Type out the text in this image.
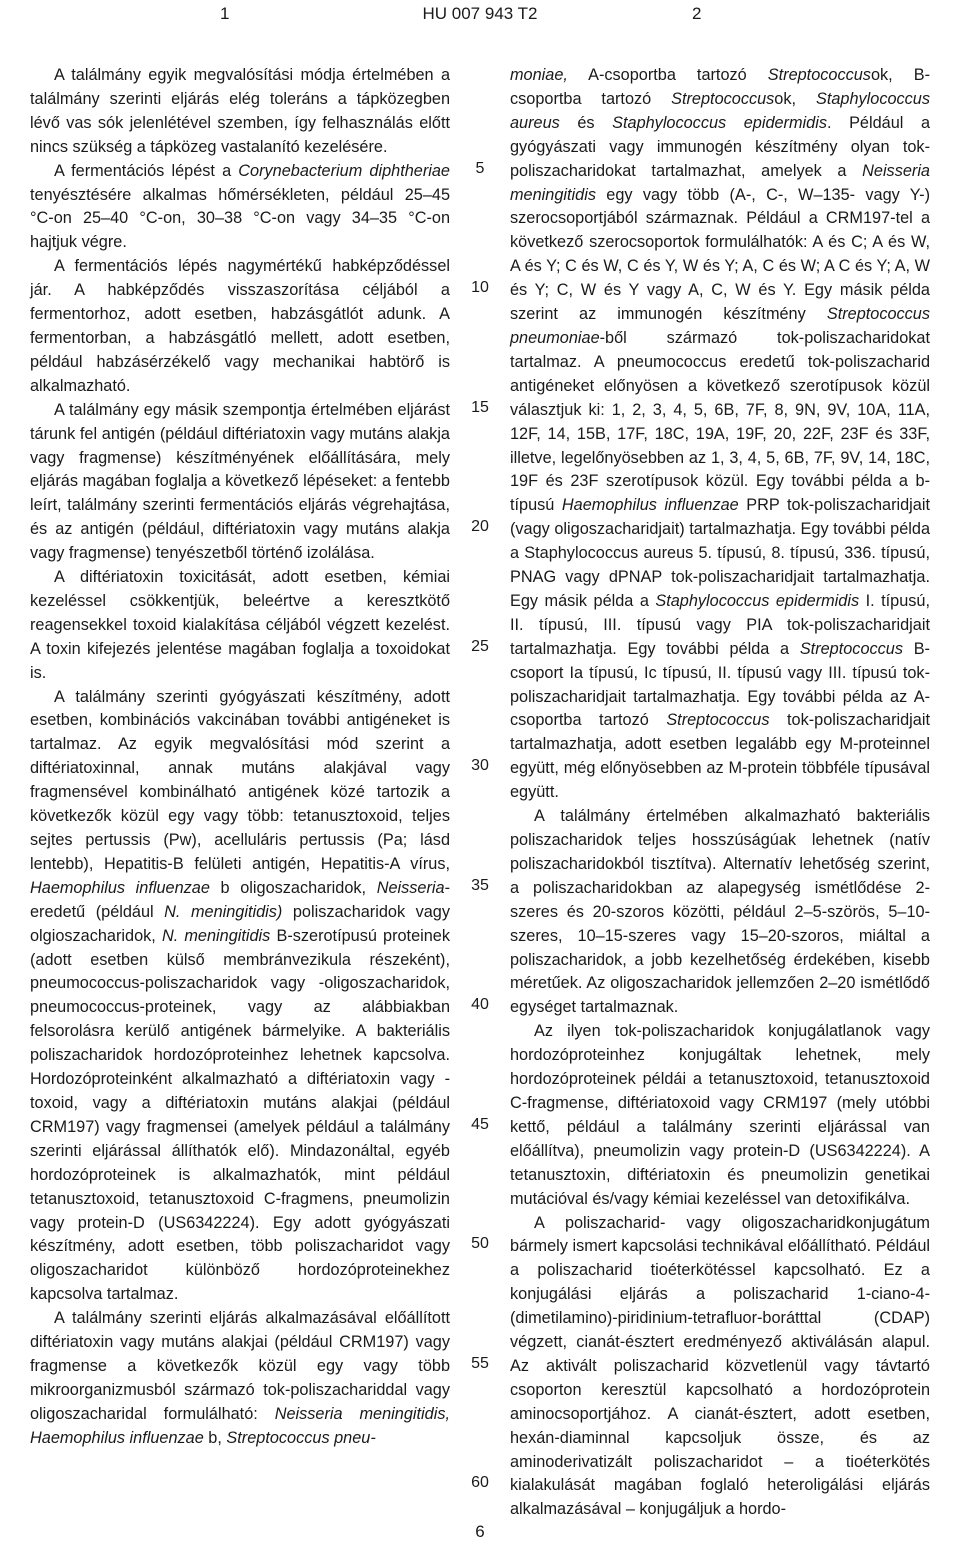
1	HU 007 943 T2	2

A találmány egyik megvalósítási módja értelmében a találmány szerinti eljárás elég toleráns a tápközegben lévő vas sók jelenlétével szemben, így felhasználás előtt nincs szükség a tápközeg vastalanító kezelésére.

A fermentációs lépést a Corynebacterium diphtheriae tenyésztésére alkalmas hőmérsékleten, például 25–45 °C-on 25–40 °C-on, 30–38 °C-on vagy 34–35 °C-on hajtjuk végre.

A fermentációs lépés nagymértékű habképződéssel jár. A habképződés visszaszorítása céljából a fermentorhoz, adott esetben, habzásgátlót adunk. A fermentorban, a habzásgátló mellett, adott esetben, például habzásérzékelő vagy mechanikai habtörő is alkalmazható.

A találmány egy másik szempontja értelmében eljárást tárunk fel antigén (például diftériatoxin vagy mutáns alakja vagy fragmense) készítményének előállítására, mely eljárás magában foglalja a következő lépéseket: a fentebb leírt, találmány szerinti fermentációs eljárás végrehajtása, és az antigén (például, diftériatoxin vagy mutáns alakja vagy fragmense) tenyészetből történő izolálása.

A diftériatoxin toxicitását, adott esetben, kémiai kezeléssel csökkentjük, beleértve a keresztkötő reagensekkel toxoid kialakítása céljából végzett kezelést. A toxin kifejezés jelentése magában foglalja a toxoidokat is.

A találmány szerinti gyógyászati készítmény, adott esetben, kombinációs vakcinában további antigéneket is tartalmaz. Az egyik megvalósítási mód szerint a diftériatoxinnal, annak mutáns alakjával vagy fragmensével kombinálható antigének közé tartozik a következők közül egy vagy több: tetanusztoxoid, teljes sejtes pertussis (Pw), acelluláris pertussis (Pa; lásd lentebb), Hepatitis-B felületi antigén, Hepatitis-A vírus, Haemophilus influenzae b oligoszacharidok, Neisseria-eredetű (például N. meningitidis) poliszacharidok vagy olgioszacharidok, N. meningitidis B-szerotípusú proteinek (adott esetben külső membránvezikula részeként), pneumococcus-poliszacharidok vagy -oligoszacharidok, pneumococcus-proteinek, vagy az alábbiakban felsorolásra kerülő antigének bármelyike. A bakteriális poliszacharidok hordozóproteinhez lehetnek kapcsolva. Hordozóproteinként alkalmazható a diftériatoxin vagy -toxoid, vagy a diftériatoxin mutáns alakjai (például CRM197) vagy fragmensei (amelyek például a találmány szerinti eljárással állíthatók elő). Mindazonáltal, egyéb hordozóproteinek is alkalmazhatók, mint például tetanusztoxoid, tetanusztoxoid C-fragmens, pneumolizin vagy protein-D (US6342224). Egy adott gyógyászati készítmény, adott esetben, több poliszacharidot vagy oligoszacharidot különböző hordozóproteinekhez kapcsolva tartalmaz.

A találmány szerinti eljárás alkalmazásával előállított diftériatoxin vagy mutáns alakjai (például CRM197) vagy fragmense a következők közül egy vagy több mikroorganizmusból származó tok-poliszachariddal vagy oligoszacharidal formulálható: Neisseria meningitidis, Haemophilus influenzae b, Streptococcus pneu-

5
10
15
20
25
30
35
40
45
50
55
60

moniae, A-csoportba tartozó Streptococcusok, B-csoportba tartozó Streptococcusok, Staphylococcus aureus és Staphylococcus epidermidis. Például a gyógyászati vagy immunogén készítmény olyan tok-poliszacharidokat tartalmazhat, amelyek a Neisseria meningitidis egy vagy több (A-, C-, W–135- vagy Y-) szerocsoportjából származnak. Például a CRM197-tel a következő szerocsoportok formulálhatók: A és C; A és W, A és Y; C és W, C és Y, W és Y; A, C és W; A C és Y; A, W és Y; C, W és Y vagy A, C, W és Y. Egy másik példa szerint az immunogén készítmény Streptococcus pneumoniae-ből származó tok-poliszacharidokat tartalmaz. A pneumococcus eredetű tok-poliszacharid antigéneket előnyösen a következő szerotípusok közül választjuk ki: 1, 2, 3, 4, 5, 6B, 7F, 8, 9N, 9V, 10A, 11A, 12F, 14, 15B, 17F, 18C, 19A, 19F, 20, 22F, 23F és 33F, illetve, legelőnyösebben az 1, 3, 4, 5, 6B, 7F, 9V, 14, 18C, 19F és 23F szerotípusok közül. Egy további példa a b-típusú Haemophilus influenzae PRP tok-poliszacharidjait (vagy oligoszacharidjait) tartalmazhatja. Egy további példa a Staphylococcus aureus 5. típusú, 8. típusú, 336. típusú, PNAG vagy dPNAP tok-poliszacharidjait tartalmazhatja. Egy másik példa a Staphylococcus epidermidis I. típusú, II. típusú, III. típusú vagy PIA tok-poliszacharidjait tartalmazhatja. Egy további példa a Streptococcus B-csoport Ia típusú, Ic típusú, II. típusú vagy III. típusú tok-poliszacharidjait tartalmazhatja. Egy további példa az A-csoportba tartozó Streptococcus tok-poliszacharidjait tartalmazhatja, adott esetben legalább egy M-proteinnel együtt, még előnyösebben az M-protein többféle típusával együtt.

A találmány értelmében alkalmazható bakteriális poliszacharidok teljes hosszúságúak lehetnek (natív poliszacharidokból tisztítva). Alternatív lehetőség szerint, a poliszacharidokban az alapegység ismétlődése 2-szeres és 20-szoros közötti, például 2–5-szörös, 5–10-szeres, 10–15-szeres vagy 15–20-szoros, miáltal a poliszacharidok, a jobb kezelhetőség érdekében, kisebb méretűek. Az oligoszacharidok jellemzően 2–20 ismétlődő egységet tartalmaznak.

Az ilyen tok-poliszacharidok konjugálatlanok vagy hordozóproteinhez konjugáltak lehetnek, mely hordozóproteinek példái a tetanusztoxoid, tetanusztoxoid C-fragmense, diftériatoxoid vagy CRM197 (mely utóbbi kettő, például a találmány szerinti eljárással van előállítva), pneumolizin vagy protein-D (US6342224). A tetanusztoxin, diftériatoxin és pneumolizin genetikai mutációval és/vagy kémiai kezeléssel van detoxifikálva.

A poliszacharid- vagy oligoszacharidkonjugátum bármely ismert kapcsolási technikával előállítható. Például a poliszacharid tioéterkötéssel kapcsolható. Ez a konjugálási eljárás a poliszacharid 1-ciano-4-(dimetilamino)-piridinium-tetrafluor-borátttal (CDAP) végzett, cianát-észtert eredményező aktiválásán alapul. Az aktivált poliszacharid közvetlenül vagy távtartó csoporton keresztül kapcsolható a hordozóprotein aminocsoportjához. A cianát-észtert, adott esetben, hexán-diaminnal kapcsoljuk össze, és az aminoderivatizált poliszacharidot – a tioéterkötés kialakulását magában foglaló heteroligálási eljárás alkalmazásával – konjugáljuk a hordo-

6
